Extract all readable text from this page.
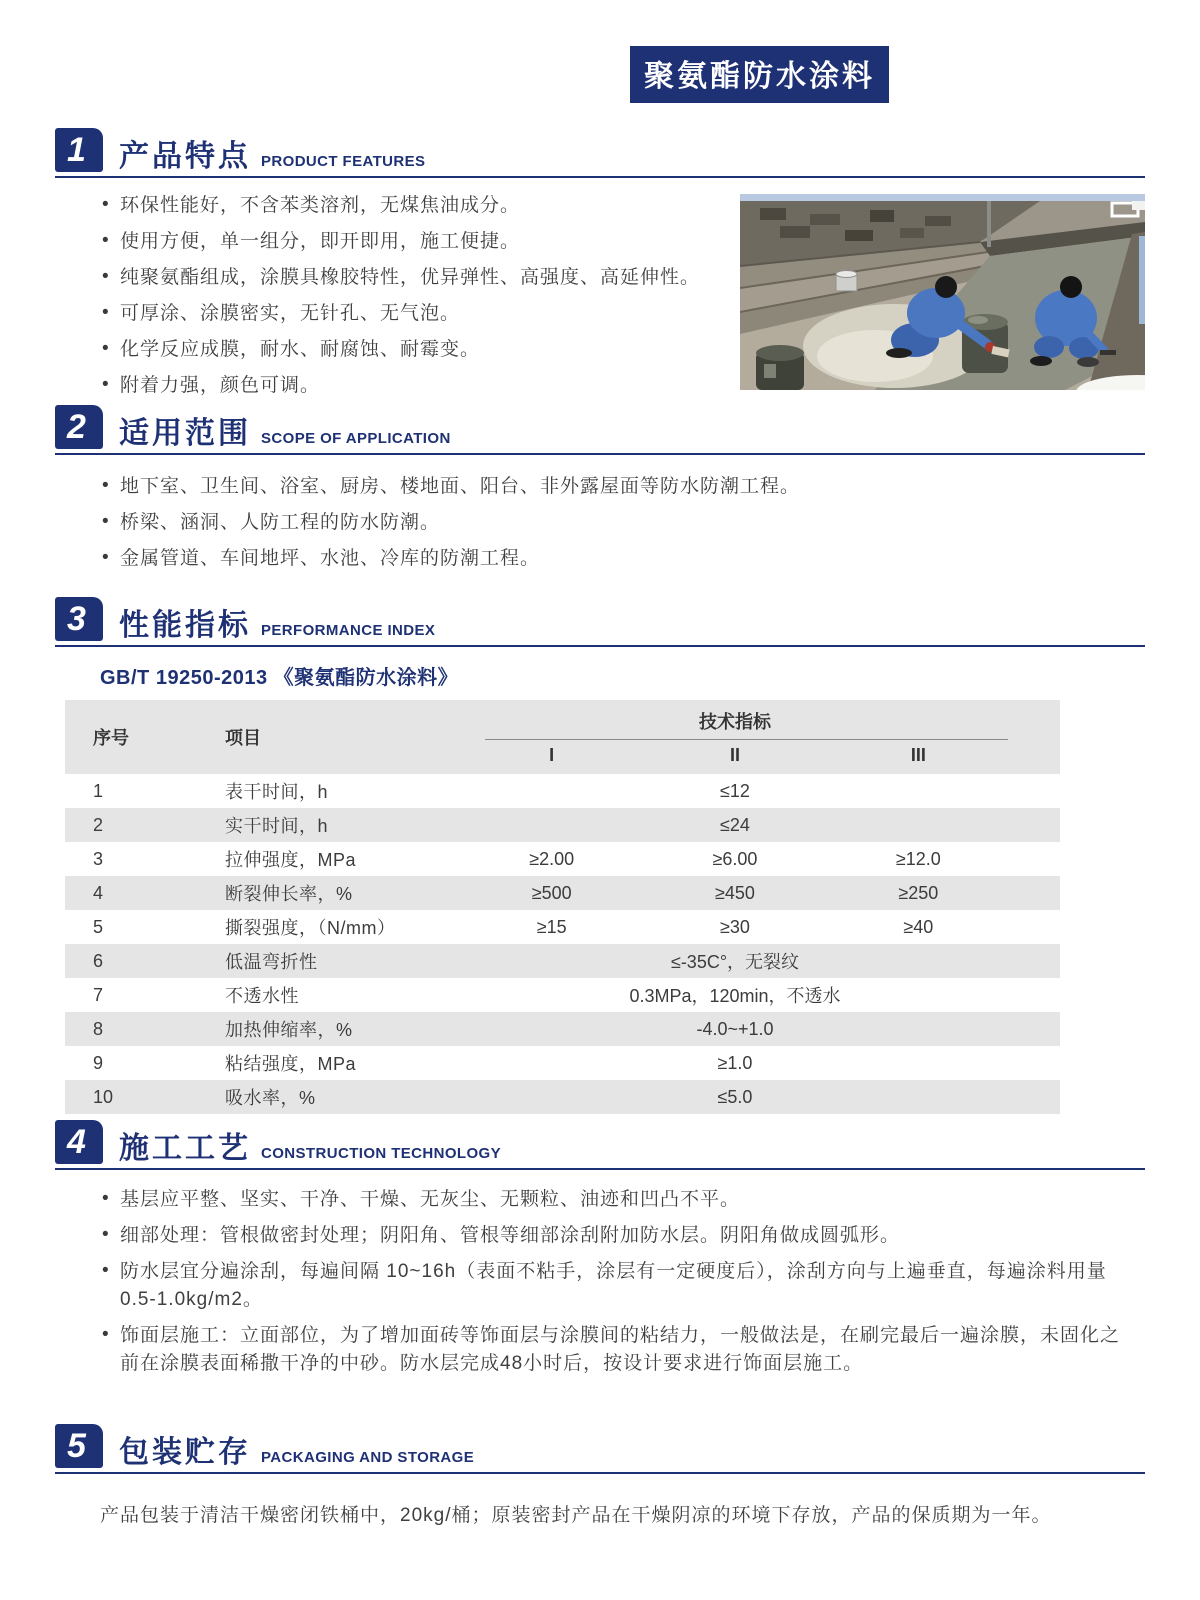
聚氨酯防水涂料
1	产品特点 PRODUCT FEATURES
• 环保性能好，不含苯类溶剂，无煤焦油成分。
• 使用方便，单一组分，即开即用，施工便捷。
• 纯聚氨酯组成，涂膜具橡胶特性，优异弹性、高强度、高延伸性。
• 可厚涂、涂膜密实，无针孔、无气泡。
• 化学反应成膜，耐水、耐腐蚀、耐霉变。
• 附着力强，颜色可调。
2	适用范围 SCOPE OF APPLICATION
• 地下室、卫生间、浴室、厨房、楼地面、阳台、非外露屋面等防水防潮工程。
• 桥梁、涵洞、人防工程的防水防潮。
• 金属管道、车间地坪、水池、冷库的防潮工程。
3	性能指标 PERFORMANCE INDEX
GB/T 19250-2013 《聚氨酯防水涂料》
序号	项目
技术指标
I	II	III
1	表干时间，h	≤12
2	实干时间，h	≤24
3	拉伸强度，MPa	≥2.00	≥6.00	≥12.0
4	断裂伸长率，%	≥500	≥450	≥250
5	撕裂强度，（N/mm）	≥15	≥30	≥40
6	低温弯折性	≤-35C°，无裂纹
7	不透水性	0.3MPa，120min，不透水
8	加热伸缩率，%	-4.0~+1.0
9	粘结强度，MPa	≥1.0
10	吸水率，%	≤5.0
4	施工工艺 CONSTRUCTION TECHNOLOGY
• 基层应平整、坚实、干净、干燥、无灰尘、无颗粒、油迹和凹凸不平。
• 细部处理：管根做密封处理；阴阳角、管根等细部涂刮附加防水层。阴阳角做成圆弧形。
• 防水层宜分遍涂刮，每遍间隔 10~16h（表面不粘手，涂层有一定硬度后），涂刮方向与上遍垂直，每遍涂料用量 0.5-1.0kg/m2。
• 饰面层施工：立面部位，为了增加面砖等饰面层与涂膜间的粘结力，一般做法是，在刷完最后一遍涂膜，未固化之前在涂膜表面稀撒干净的中砂。防水层完成48小时后，按设计要求进行饰面层施工。
5	包装贮存 PACKAGING AND STORAGE
产品包装于清洁干燥密闭铁桶中，20kg/桶；原装密封产品在干燥阴凉的环境下存放，产品的保质期为一年。
